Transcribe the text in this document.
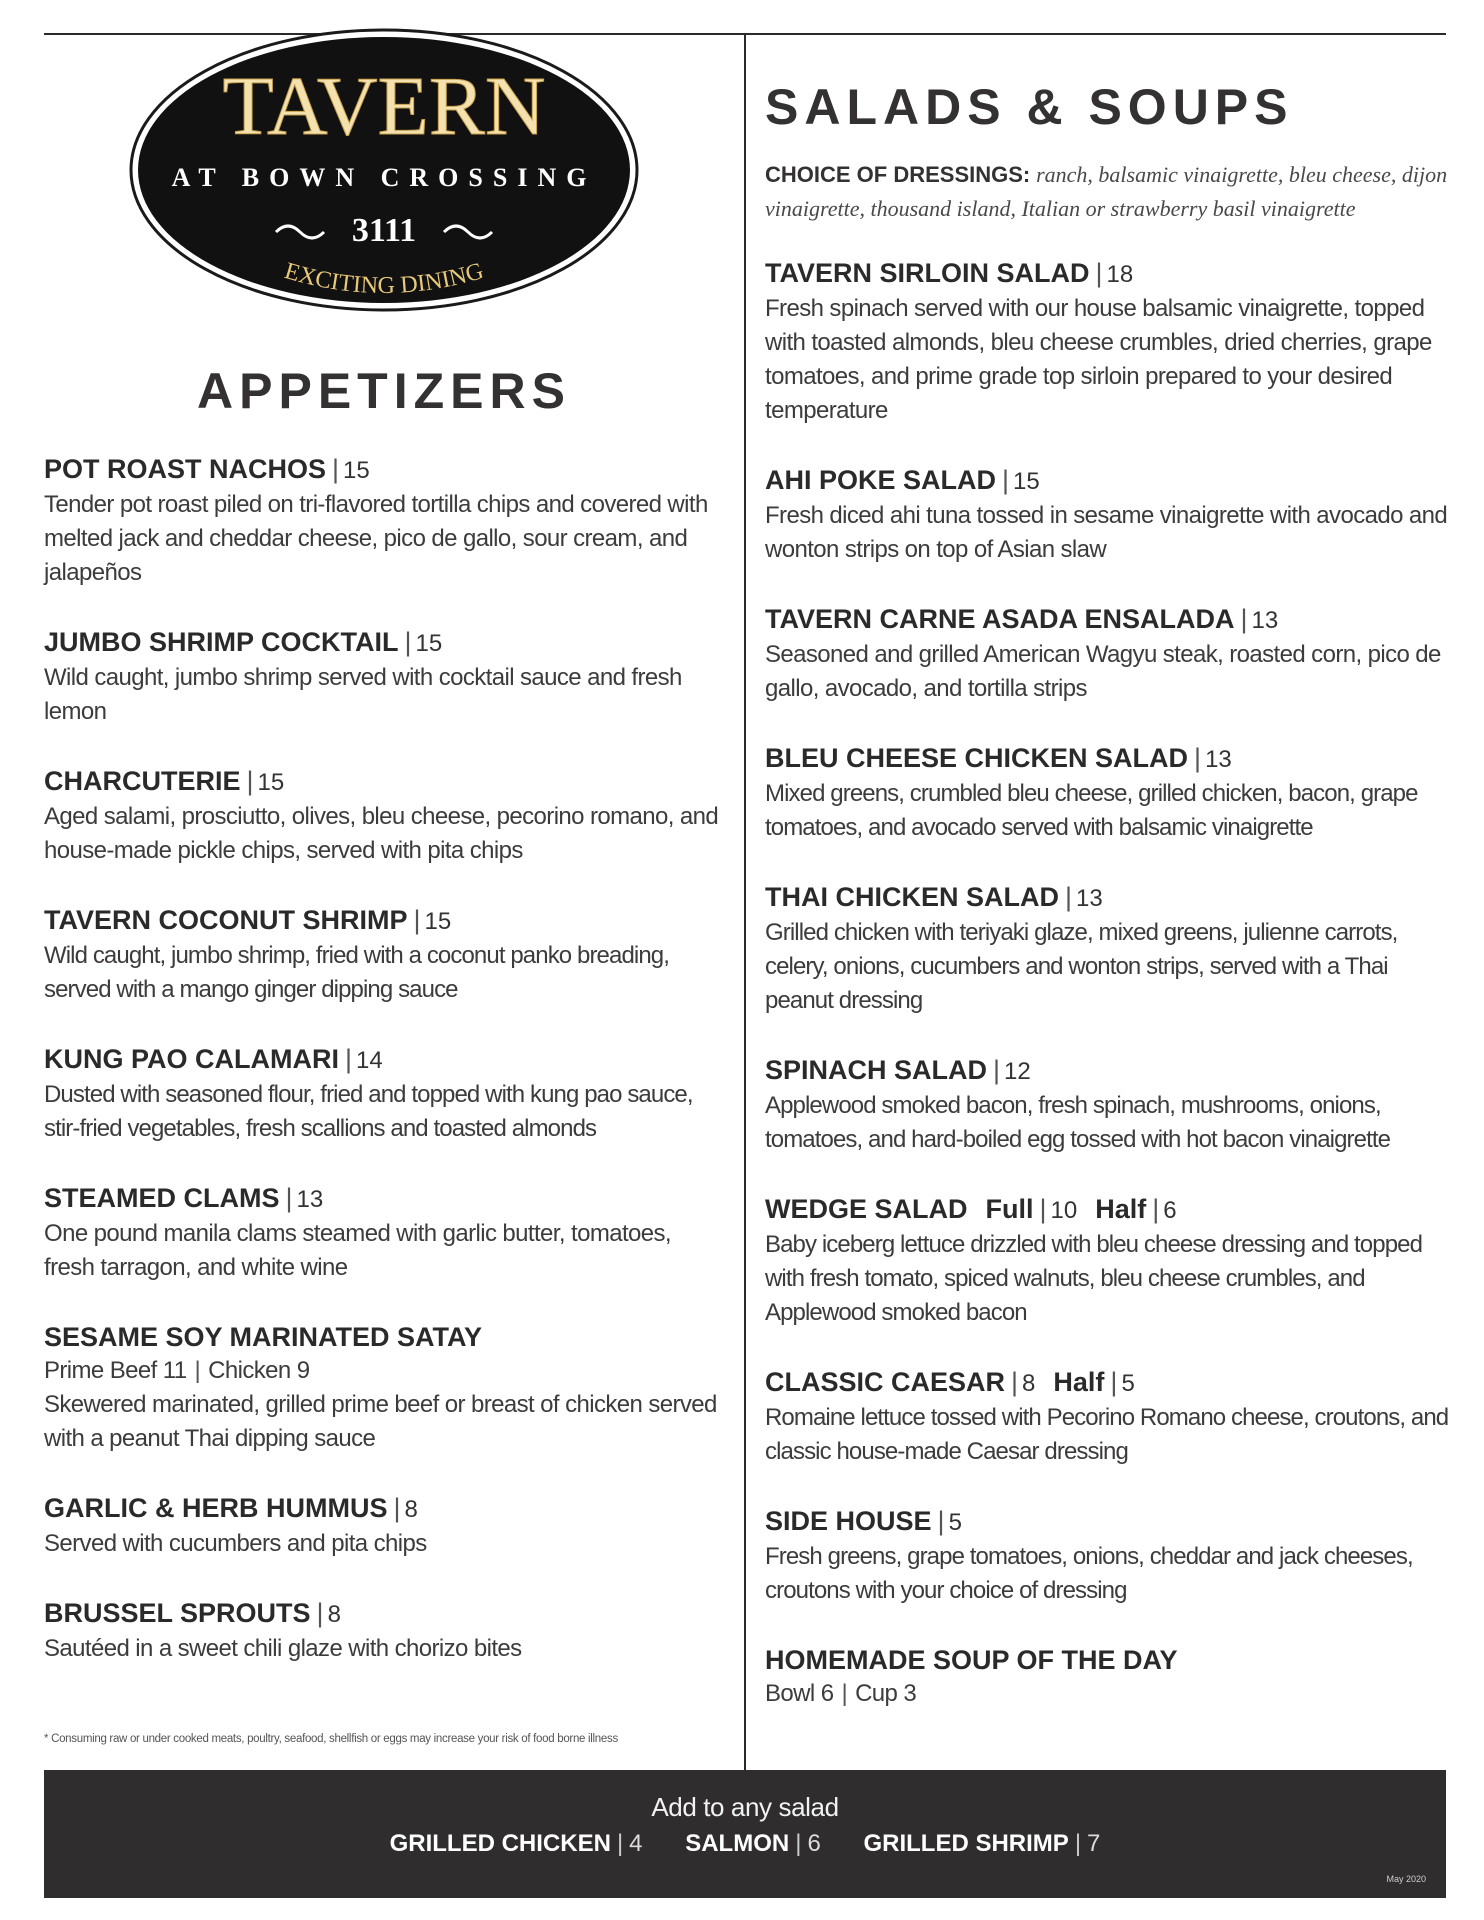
TAVERN
AT BOWN CROSSING
3111
EXCITING DINING
APPETIZERS
POT ROAST NACHOS | 15
Tender pot roast piled on tri-flavored tortilla chips and covered with melted jack and cheddar cheese, pico de gallo, sour cream, and jalapeños
JUMBO SHRIMP COCKTAIL | 15
Wild caught, jumbo shrimp served with cocktail sauce and fresh lemon
CHARCUTERIE | 15
Aged salami, prosciutto, olives, bleu cheese, pecorino romano, and house-made pickle chips, served with pita chips
TAVERN COCONUT SHRIMP | 15
Wild caught, jumbo shrimp, fried with a coconut panko breading, served with a mango ginger dipping sauce
KUNG PAO CALAMARI | 14
Dusted with seasoned flour, fried and topped with kung pao sauce, stir-fried vegetables, fresh scallions and toasted almonds
STEAMED CLAMS | 13
One pound manila clams steamed with garlic butter, tomatoes, fresh tarragon, and white wine
SESAME SOY MARINATED SATAY
Prime Beef 11 | Chicken 9
Skewered marinated, grilled prime beef or breast of chicken served with a peanut Thai dipping sauce
GARLIC & HERB HUMMUS | 8
Served with cucumbers and pita chips
BRUSSEL SPROUTS | 8
Sautéed in a sweet chili glaze with chorizo bites
* Consuming raw or under cooked meats, poultry, seafood, shellfish or eggs may increase your risk of food borne illness
SALADS & SOUPS
CHOICE OF DRESSINGS: ranch, balsamic vinaigrette, bleu cheese, dijon vinaigrette, thousand island, Italian or strawberry basil vinaigrette
TAVERN SIRLOIN SALAD | 18
Fresh spinach served with our house balsamic vinaigrette, topped with toasted almonds, bleu cheese crumbles, dried cherries, grape tomatoes, and prime grade top sirloin prepared to your desired temperature
AHI POKE SALAD | 15
Fresh diced ahi tuna tossed in sesame vinaigrette with avocado and wonton strips on top of Asian slaw
TAVERN CARNE ASADA ENSALADA | 13
Seasoned and grilled American Wagyu steak, roasted corn, pico de gallo, avocado, and tortilla strips
BLEU CHEESE CHICKEN SALAD | 13
Mixed greens, crumbled bleu cheese, grilled chicken, bacon, grape tomatoes, and avocado served with balsamic vinaigrette
THAI CHICKEN SALAD | 13
Grilled chicken with teriyaki glaze, mixed greens, julienne carrots, celery, onions, cucumbers and wonton strips, served with a Thai peanut dressing
SPINACH SALAD | 12
Applewood smoked bacon, fresh spinach, mushrooms, onions, tomatoes, and hard-boiled egg tossed with hot bacon vinaigrette
WEDGE SALAD Full | 10 Half | 6
Baby iceberg lettuce drizzled with bleu cheese dressing and topped with fresh tomato, spiced walnuts, bleu cheese crumbles, and Applewood smoked bacon
CLASSIC CAESAR | 8 Half | 5
Romaine lettuce tossed with Pecorino Romano cheese, croutons, and classic house-made Caesar dressing
SIDE HOUSE | 5
Fresh greens, grape tomatoes, onions, cheddar and jack cheeses, croutons with your choice of dressing
HOMEMADE SOUP OF THE DAY
Bowl 6 | Cup 3
Add to any salad
GRILLED CHICKEN | 4 SALMON | 6 GRILLED SHRIMP | 7
May 2020
